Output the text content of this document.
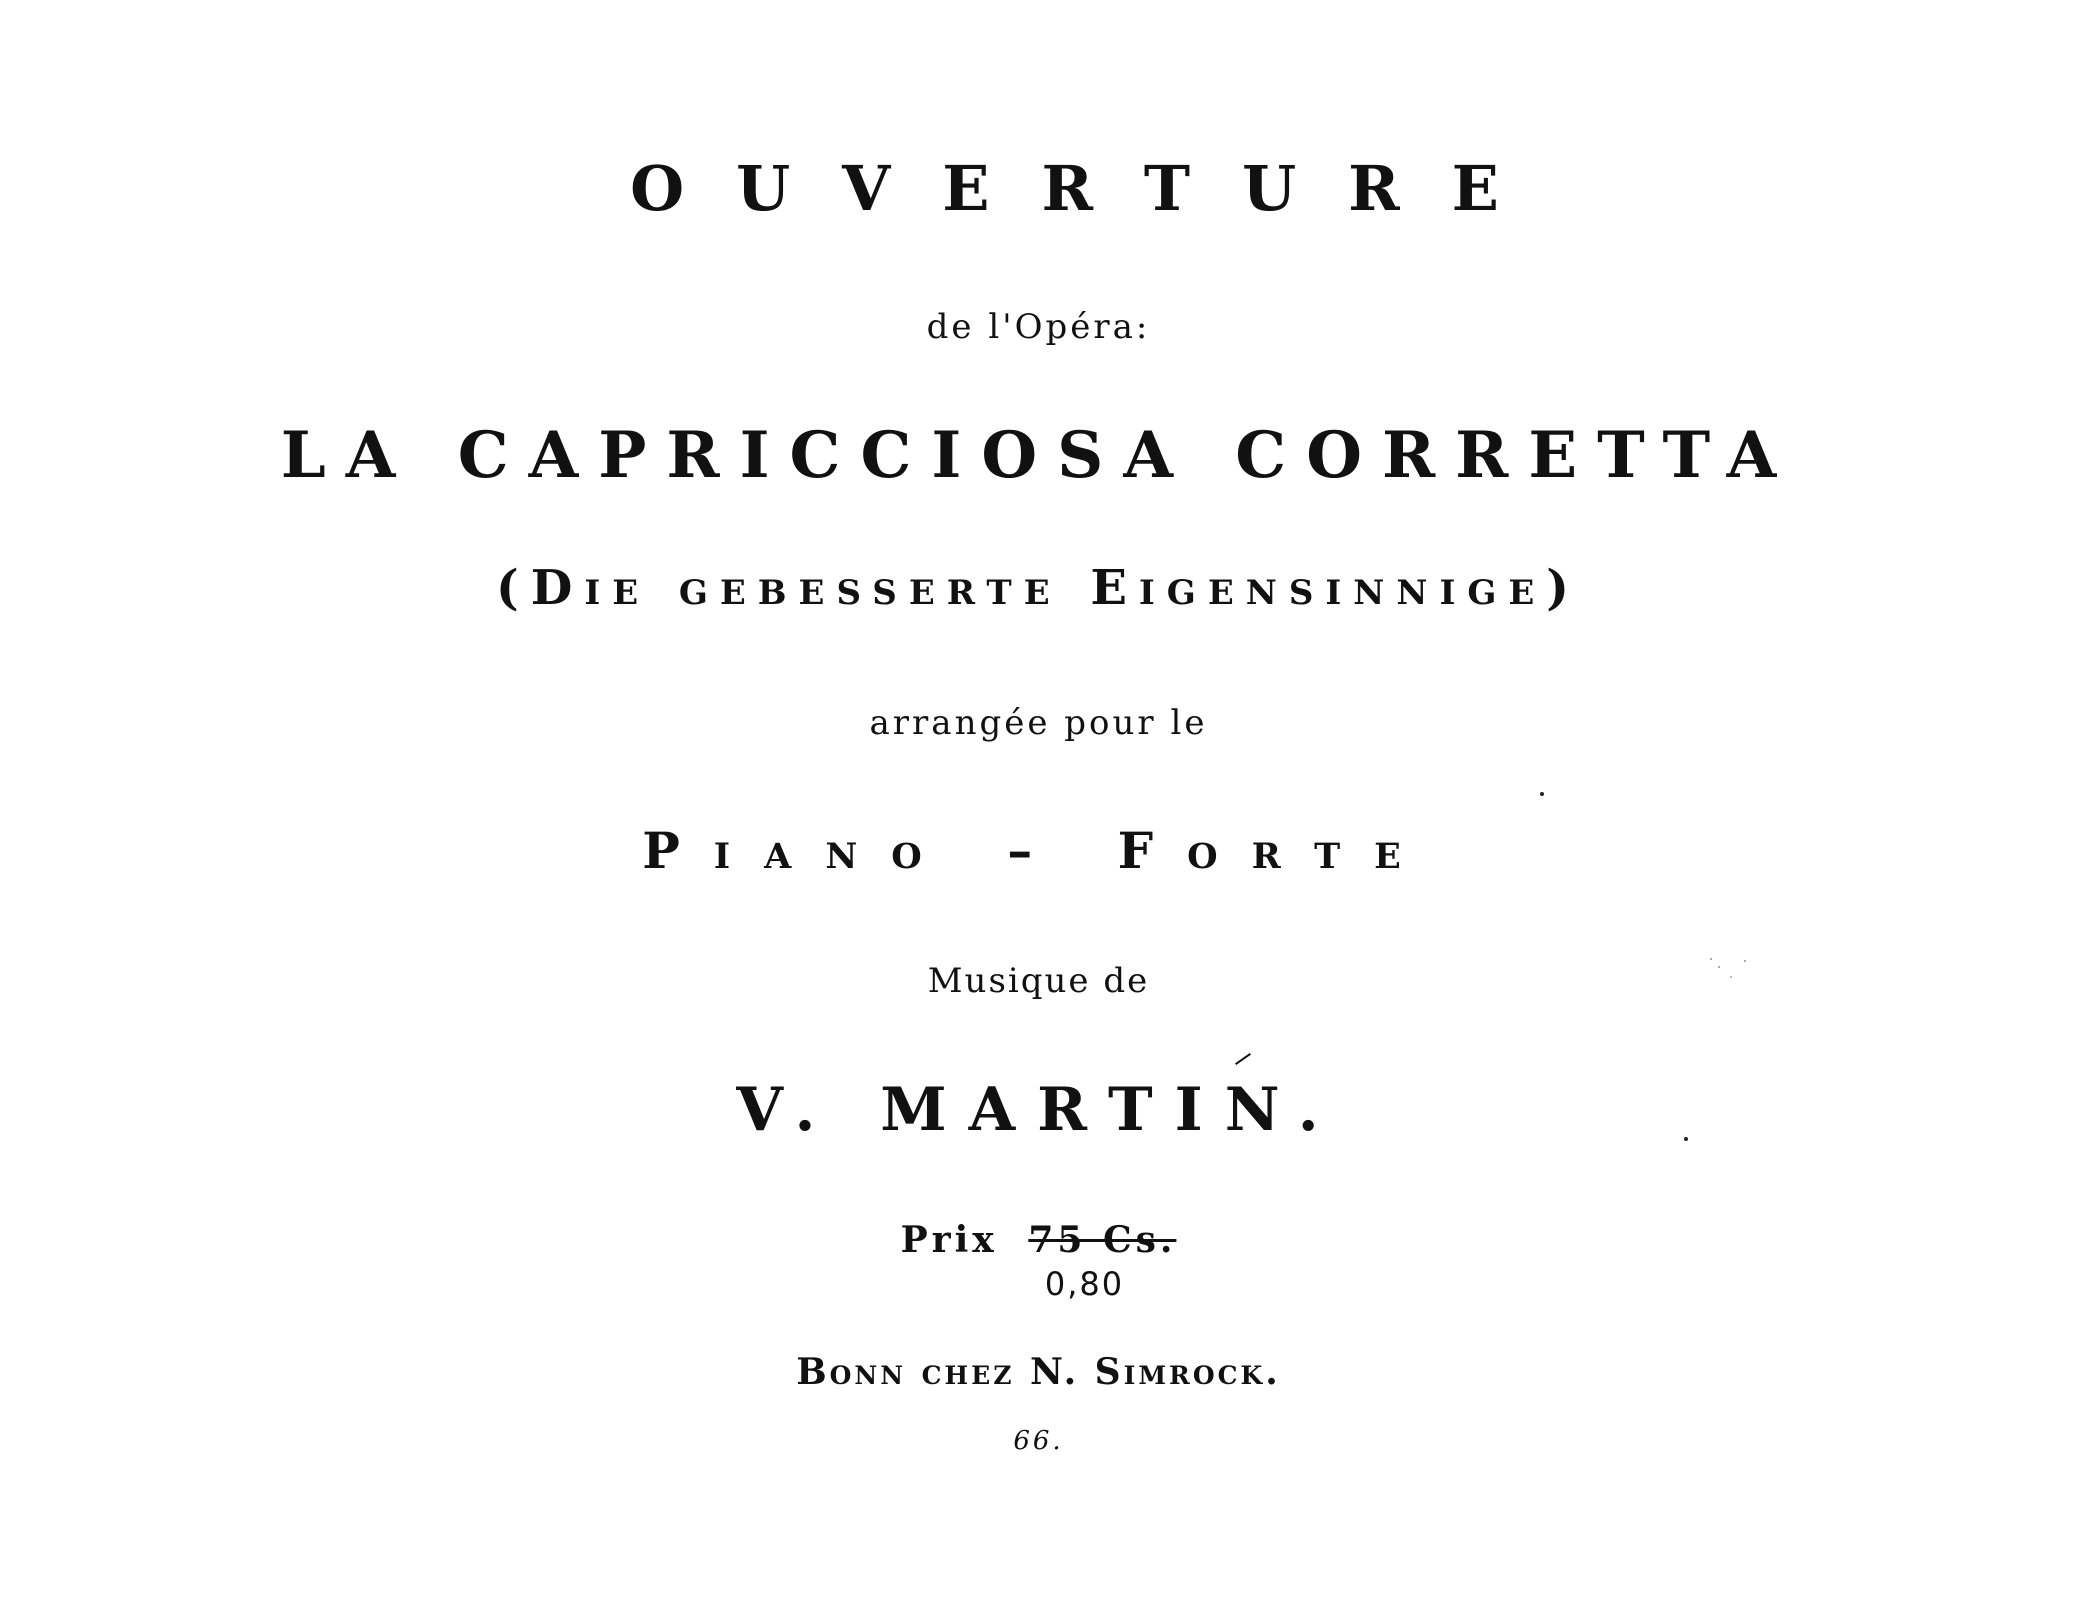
OUVERTURE
de l'Opéra:
LA CAPRICCIOSA CORRETTA
(Die gebesserte Eigensinnige)
arrangée pour le
Piano – Forte
Musique de
V. MARTIN.
Prix 75 Cs.
0,80
Bonn chez N. Simrock.
66.
